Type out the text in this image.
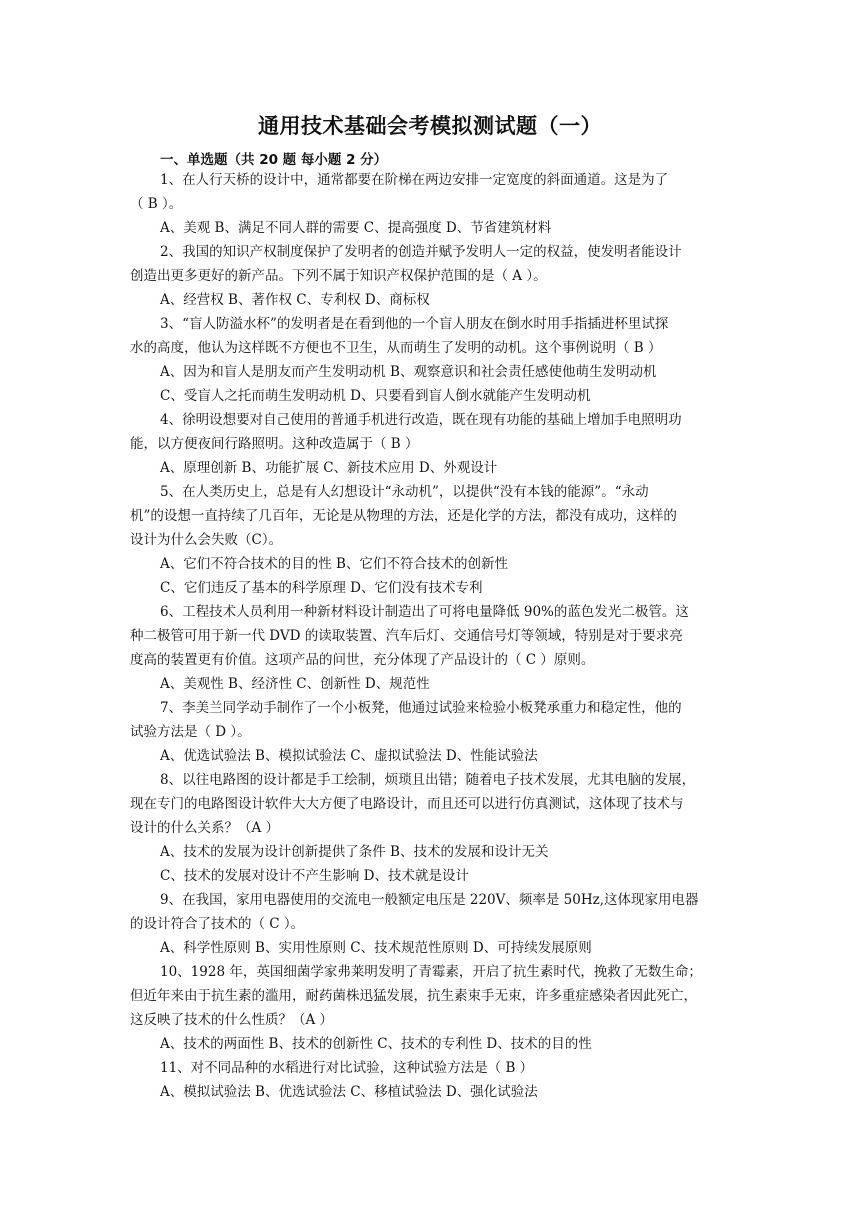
通用技术基础会考模拟测试题（一）
一、单选题（共 20 题 每小题 2 分）
1、在人行天桥的设计中，通常都要在阶梯在两边安排一定宽度的斜面通道。这是为了
（ B ）。
A、美观 B、满足不同人群的需要 C、提高强度 D、节省建筑材料
2、我国的知识产权制度保护了发明者的创造并赋予发明人一定的权益，使发明者能设计
创造出更多更好的新产品。下列不属于知识产权保护范围的是（ A ）。
A、经营权 B、著作权 C、专利权 D、商标权
3、“盲人防溢水杯”的发明者是在看到他的一个盲人朋友在倒水时用手指插进杯里试探
水的高度，他认为这样既不方便也不卫生，从而萌生了发明的动机。这个事例说明（ B ）
A、因为和盲人是朋友而产生发明动机 B、观察意识和社会责任感使他萌生发明动机
C、受盲人之托而萌生发明动机 D、只要看到盲人倒水就能产生发明动机
4、徐明设想要对自己使用的普通手机进行改造，既在现有功能的基础上增加手电照明功
能，以方便夜间行路照明。这种改造属于（ B ）
A、原理创新 B、功能扩展 C、新技术应用 D、外观设计
5、在人类历史上，总是有人幻想设计“永动机”，以提供“没有本钱的能源”。“永动
机”的设想一直持续了几百年，无论是从物理的方法，还是化学的方法，都没有成功，这样的
设计为什么会失败（C）。
A、它们不符合技术的目的性 B、它们不符合技术的创新性
C、它们违反了基本的科学原理 D、它们没有技术专利
6、工程技术人员利用一种新材料设计制造出了可将电量降低 90%的蓝色发光二极管。这
种二极管可用于新一代 DVD 的读取装置、汽车后灯、交通信号灯等领域，特别是对于要求亮
度高的装置更有价值。这项产品的问世，充分体现了产品设计的（ C ）原则。
A、美观性 B、经济性 C、创新性 D、规范性
7、李美兰同学动手制作了一个小板凳，他通过试验来检验小板凳承重力和稳定性，他的
试验方法是（ D ）。
A、优选试验法 B、模拟试验法 C、虚拟试验法 D、性能试验法
8、以往电路图的设计都是手工绘制，烦琐且出错；随着电子技术发展，尤其电脑的发展，
现在专门的电路图设计软件大大方便了电路设计，而且还可以进行仿真测试，这体现了技术与
设计的什么关系？（A ）
A、技术的发展为设计创新提供了条件 B、技术的发展和设计无关
C、技术的发展对设计不产生影响 D、技术就是设计
9、在我国，家用电器使用的交流电一般额定电压是 220V、频率是 50Hz,这体现家用电器
的设计符合了技术的（ C ）。
A、科学性原则 B、实用性原则 C、技术规范性原则 D、可持续发展原则
10、1928 年，英国细菌学家弗莱明发明了青霉素，开启了抗生素时代，挽救了无数生命；
但近年来由于抗生素的滥用，耐药菌株迅猛发展，抗生素束手无束，许多重症感染者因此死亡，
这反映了技术的什么性质？（A ）
A、技术的两面性 B、技术的创新性 C、技术的专利性 D、技术的目的性
11、对不同品种的水稻进行对比试验，这种试验方法是（ B ）
A、模拟试验法 B、优选试验法 C、移植试验法 D、强化试验法
